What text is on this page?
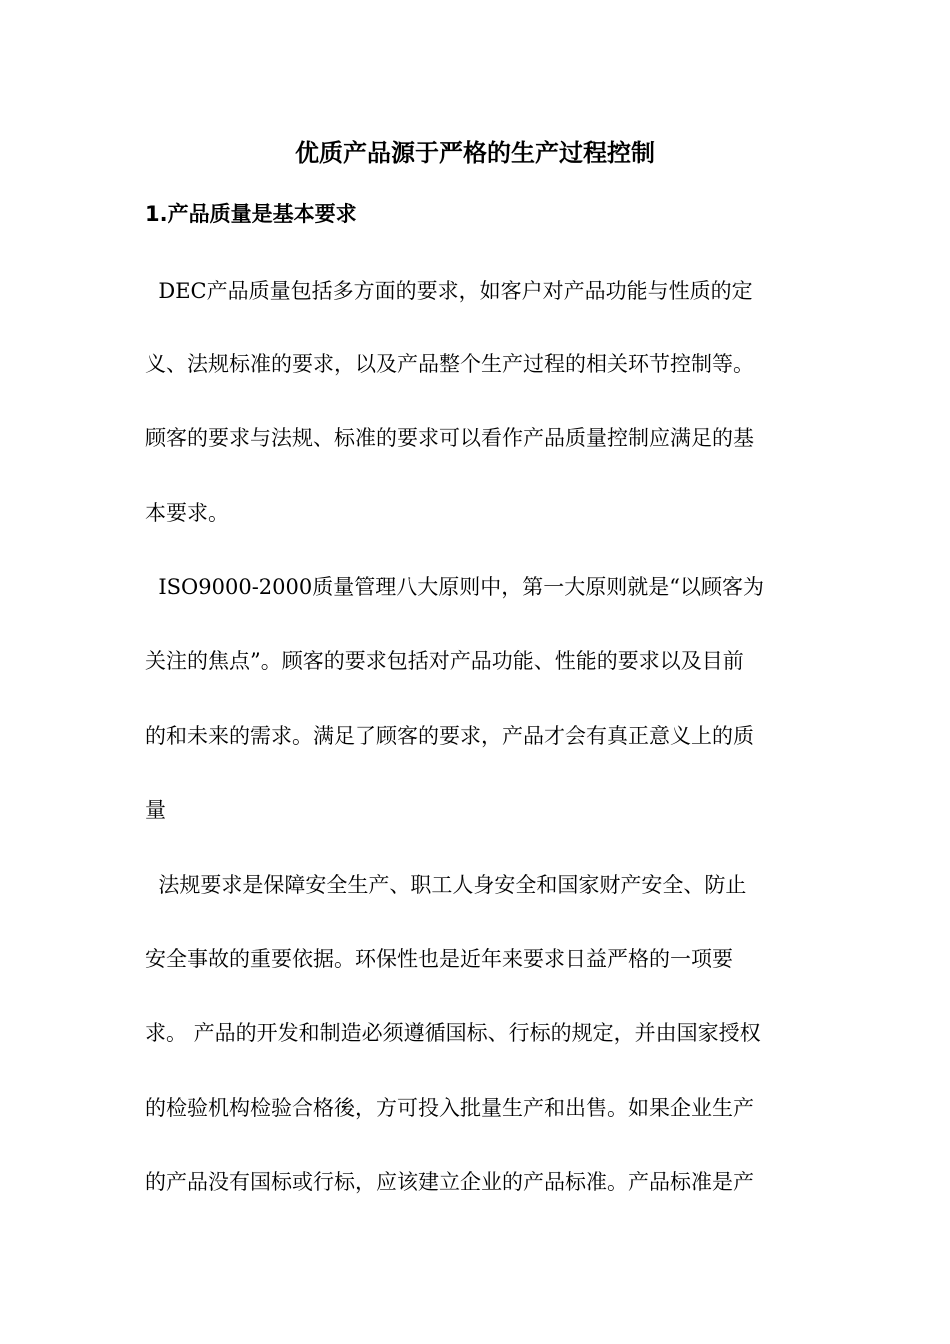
优质产品源于严格的生产过程控制
1.产品质量是基本要求
DEC产品质量包括多方面的要求，如客户对产品功能与性质的定
义、法规标准的要求，以及产品整个生产过程的相关环节控制等。
顾客的要求与法规、标准的要求可以看作产品质量控制应满足的基
本要求。
ISO9000-2000质量管理八大原则中，第一大原则就是“以顾客为
关注的焦点”。顾客的要求包括对产品功能、性能的要求以及目前
的和未来的需求。满足了顾客的要求，产品才会有真正意义上的质
量
法规要求是保障安全生产、职工人身安全和国家财产安全、防止
安全事故的重要依据。环保性也是近年来要求日益严格的一项要
求。 产品的开发和制造必须遵循国标、行标的规定，并由国家授权
的检验机构检验合格後，方可投入批量生产和出售。如果企业生产
的产品没有国标或行标，应该建立企业的产品标准。产品标准是产
